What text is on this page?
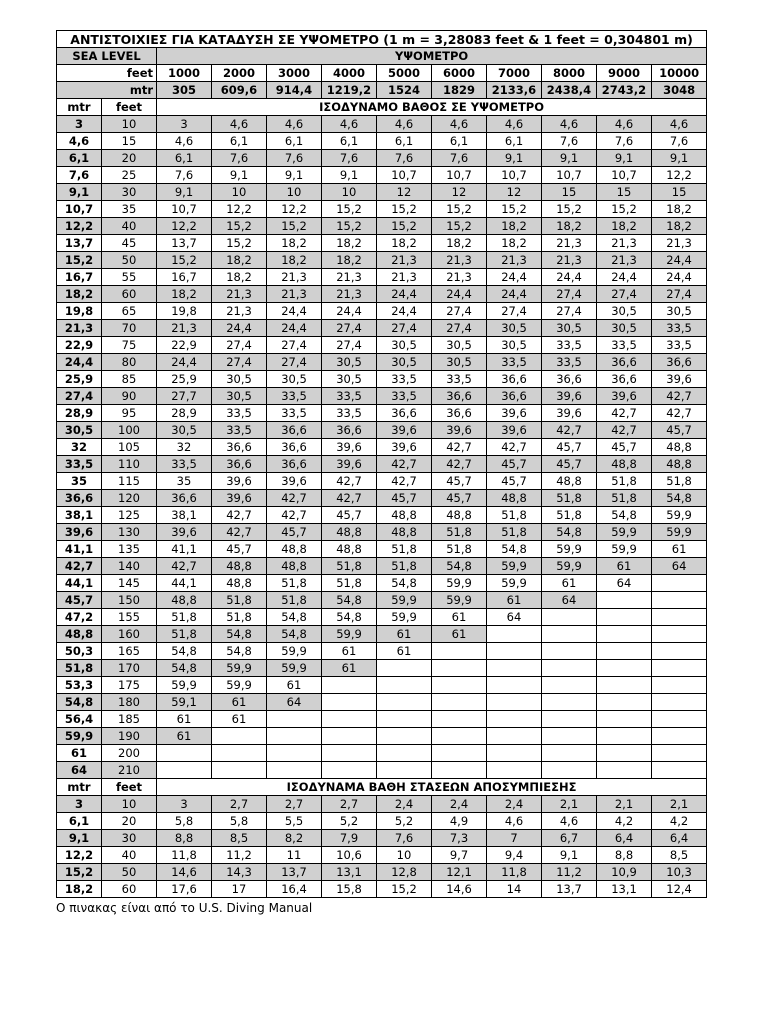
ΑΝΤΙΣΤΟΙΧΙΕΣ ΓΙΑ ΚΑΤΑΔΥΣΗ ΣΕ ΥΨΟΜΕΤΡΟ (1 m = 3,28083 feet & 1 feet = 0,304801 m)											
SEA LEVEL		ΥΨΟΜΕΤΡΟ									
feet		1000	2000	3000	4000	5000	6000	7000	8000	9000	10000
mtr		305	609,6	914,4	1219,2	1524	1829	2133,6	2438,4	2743,2	3048
mtr	feet	ΙΣΟΔΥΝΑΜΟ ΒΑΘΟΣ ΣΕ ΥΨΟΜΕΤΡΟ									
3	10	3	4,6	4,6	4,6	4,6	4,6	4,6	4,6	4,6	4,6
4,6	15	4,6	6,1	6,1	6,1	6,1	6,1	6,1	7,6	7,6	7,6
6,1	20	6,1	7,6	7,6	7,6	7,6	7,6	9,1	9,1	9,1	9,1
7,6	25	7,6	9,1	9,1	9,1	10,7	10,7	10,7	10,7	10,7	12,2
9,1	30	9,1	10	10	10	12	12	12	15	15	15
10,7	35	10,7	12,2	12,2	15,2	15,2	15,2	15,2	15,2	15,2	18,2
12,2	40	12,2	15,2	15,2	15,2	15,2	15,2	18,2	18,2	18,2	18,2
13,7	45	13,7	15,2	18,2	18,2	18,2	18,2	18,2	21,3	21,3	21,3
15,2	50	15,2	18,2	18,2	18,2	21,3	21,3	21,3	21,3	21,3	24,4
16,7	55	16,7	18,2	21,3	21,3	21,3	21,3	24,4	24,4	24,4	24,4
18,2	60	18,2	21,3	21,3	21,3	24,4	24,4	24,4	27,4	27,4	27,4
19,8	65	19,8	21,3	24,4	24,4	24,4	27,4	27,4	27,4	30,5	30,5
21,3	70	21,3	24,4	24,4	27,4	27,4	27,4	30,5	30,5	30,5	33,5
22,9	75	22,9	27,4	27,4	27,4	30,5	30,5	30,5	33,5	33,5	33,5
24,4	80	24,4	27,4	27,4	30,5	30,5	30,5	33,5	33,5	36,6	36,6
25,9	85	25,9	30,5	30,5	30,5	33,5	33,5	36,6	36,6	36,6	39,6
27,4	90	27,7	30,5	33,5	33,5	33,5	36,6	36,6	39,6	39,6	42,7
28,9	95	28,9	33,5	33,5	33,5	36,6	36,6	39,6	39,6	42,7	42,7
30,5	100	30,5	33,5	36,6	36,6	39,6	39,6	39,6	42,7	42,7	45,7
32	105	32	36,6	36,6	39,6	39,6	42,7	42,7	45,7	45,7	48,8
33,5	110	33,5	36,6	36,6	39,6	42,7	42,7	45,7	45,7	48,8	48,8
35	115	35	39,6	39,6	42,7	42,7	45,7	45,7	48,8	51,8	51,8
36,6	120	36,6	39,6	42,7	42,7	45,7	45,7	48,8	51,8	51,8	54,8
38,1	125	38,1	42,7	42,7	45,7	48,8	48,8	51,8	51,8	54,8	59,9
39,6	130	39,6	42,7	45,7	48,8	48,8	51,8	51,8	54,8	59,9	59,9
41,1	135	41,1	45,7	48,8	48,8	51,8	51,8	54,8	59,9	59,9	61
42,7	140	42,7	48,8	48,8	51,8	51,8	54,8	59,9	59,9	61	64
44,1	145	44,1	48,8	51,8	51,8	54,8	59,9	59,9	61	64	
45,7	150	48,8	51,8	51,8	54,8	59,9	59,9	61	64		
47,2	155	51,8	51,8	54,8	54,8	59,9	61	64			
48,8	160	51,8	54,8	54,8	59,9	61	61				
50,3	165	54,8	54,8	59,9	61	61					
51,8	170	54,8	59,9	59,9	61						
53,3	175	59,9	59,9	61							
54,8	180	59,1	61	64							
56,4	185	61	61								
59,9	190	61									
61	200										
64	210										
mtr	feet	ΙΣΟΔΥΝΑΜΑ ΒΑΘΗ ΣΤΑΣΕΩΝ ΑΠΟΣΥΜΠΙΕΣΗΣ									
3	10	3	2,7	2,7	2,7	2,4	2,4	2,4	2,1	2,1	2,1
6,1	20	5,8	5,8	5,5	5,2	5,2	4,9	4,6	4,6	4,2	4,2
9,1	30	8,8	8,5	8,2	7,9	7,6	7,3	7	6,7	6,4	6,4
12,2	40	11,8	11,2	11	10,6	10	9,7	9,4	9,1	8,8	8,5
15,2	50	14,6	14,3	13,7	13,1	12,8	12,1	11,8	11,2	10,9	10,3
18,2	60	17,6	17	16,4	15,8	15,2	14,6	14	13,7	13,1	12,4
Ο πινακας είναι από το U.S. Diving Manual
